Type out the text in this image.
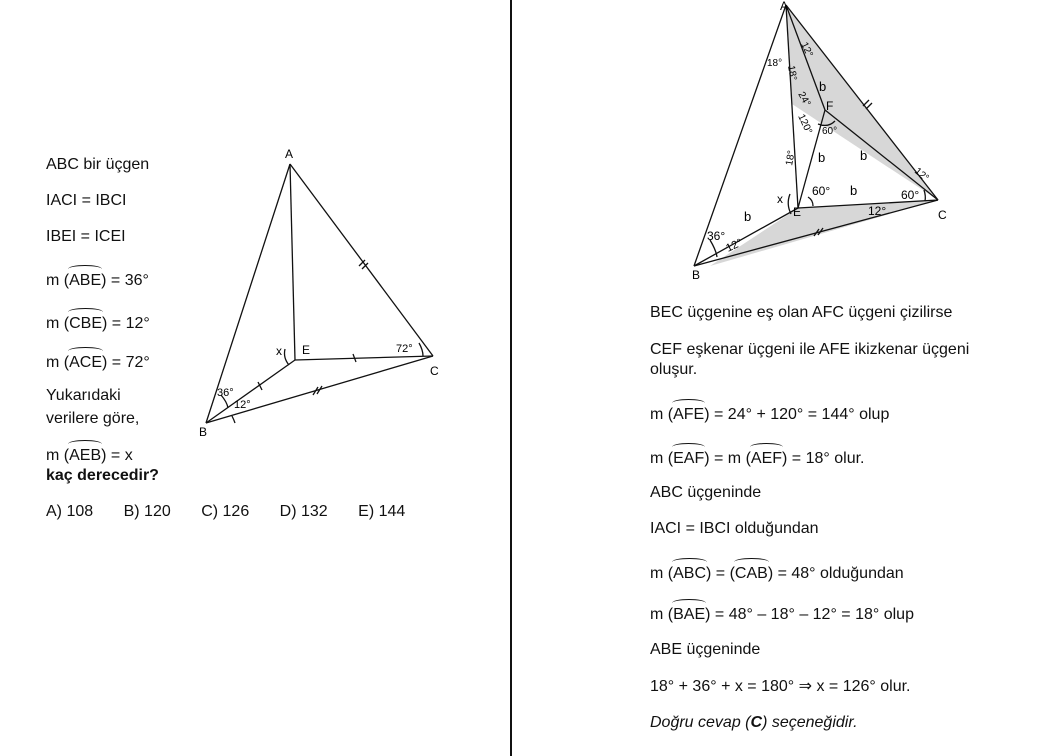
ABC bir üçgen
IACI = IBCI
IBEI = ICEI
m (ABE) = 36°
m (CBE) = 12°
m (ACE) = 72°
Yukarıdaki
verilere göre,
m (AEB) = x
kaç derecedir?
A) 108 B) 120 C) 126 D) 132 E) 144
A
B
C
E
x
36°
12°
72°
A
B
C
E
F
x
18°
18°
12°
24°
120° 60°
18°
60°	60°
12°
12°
36°
12°
b
b	b
b
b
BEC üçgenine eş olan AFC üçgeni çizilirse
CEF eşkenar üçgeni ile AFE ikizkenar üçgeni
oluşur.
m (AFE) = 24° + 120° = 144° olup
m (EAF) = m (AEF) = 18° olur.
ABC üçgeninde
IACI = IBCI olduğundan
m (ABC) = (CAB) = 48° olduğundan
m (BAE) = 48° – 18° – 12° = 18° olup
ABE üçgeninde
18° + 36° + x = 180° ⇒ x = 126° olur.
Doğru cevap (C) seçeneğidir.
